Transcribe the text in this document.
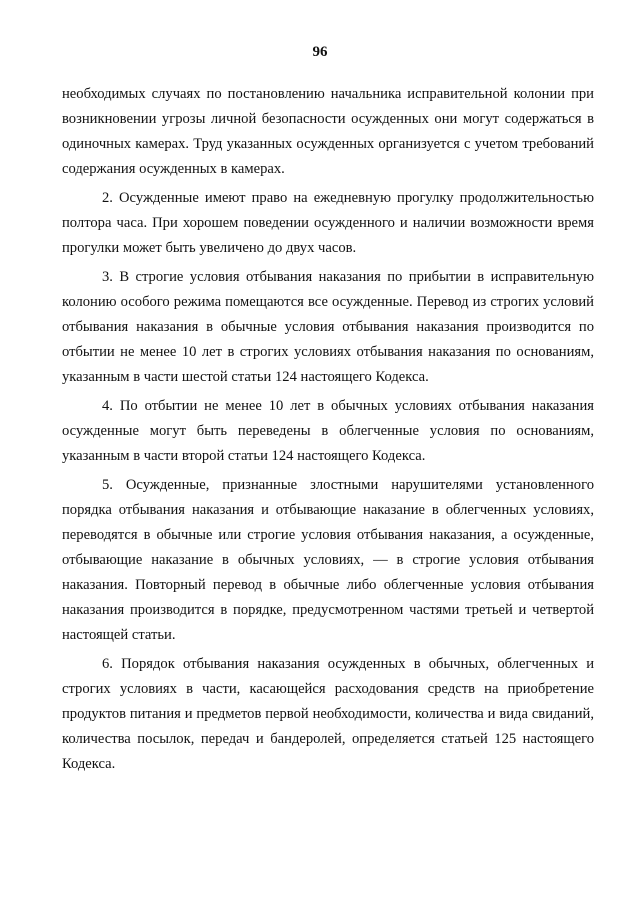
96

необходимых случаях по постановлению начальника исправительной колонии при возникновении угрозы личной безопасности осужденных они могут содержаться в одиночных камерах. Труд указанных осужденных организуется с учетом требований содержания осужденных в камерах.

2. Осужденные имеют право на ежедневную прогулку продолжительностью полтора часа. При хорошем поведении осужденного и наличии возможности время прогулки может быть увеличено до двух часов.

3. В строгие условия отбывания наказания по прибытии в исправительную колонию особого режима помещаются все осужденные. Перевод из строгих условий отбывания наказания в обычные условия отбывания наказания производится по отбытии не менее 10 лет в строгих условиях отбывания наказания по основаниям, указанным в части шестой статьи 124 настоящего Кодекса.

4. По отбытии не менее 10 лет в обычных условиях отбывания наказания осужденные могут быть переведены в облегченные условия по основаниям, указанным в части второй статьи 124 настоящего Кодекса.

5. Осужденные, признанные злостными нарушителями установленного порядка отбывания наказания и отбывающие наказание в облегченных условиях, переводятся в обычные или строгие условия отбывания наказания, а осужденные, отбывающие наказание в обычных условиях, — в строгие условия отбывания наказания. Повторный перевод в обычные либо облегченные условия отбывания наказания производится в порядке, предусмотренном частями третьей и четвертой настоящей статьи.

6. Порядок отбывания наказания осужденных в обычных, облегченных и строгих условиях в части, касающейся расходования средств на приобретение продуктов питания и предметов первой необходимости, количества и вида свиданий, количества посылок, передач и бандеролей, определяется статьей 125 настоящего Кодекса.
